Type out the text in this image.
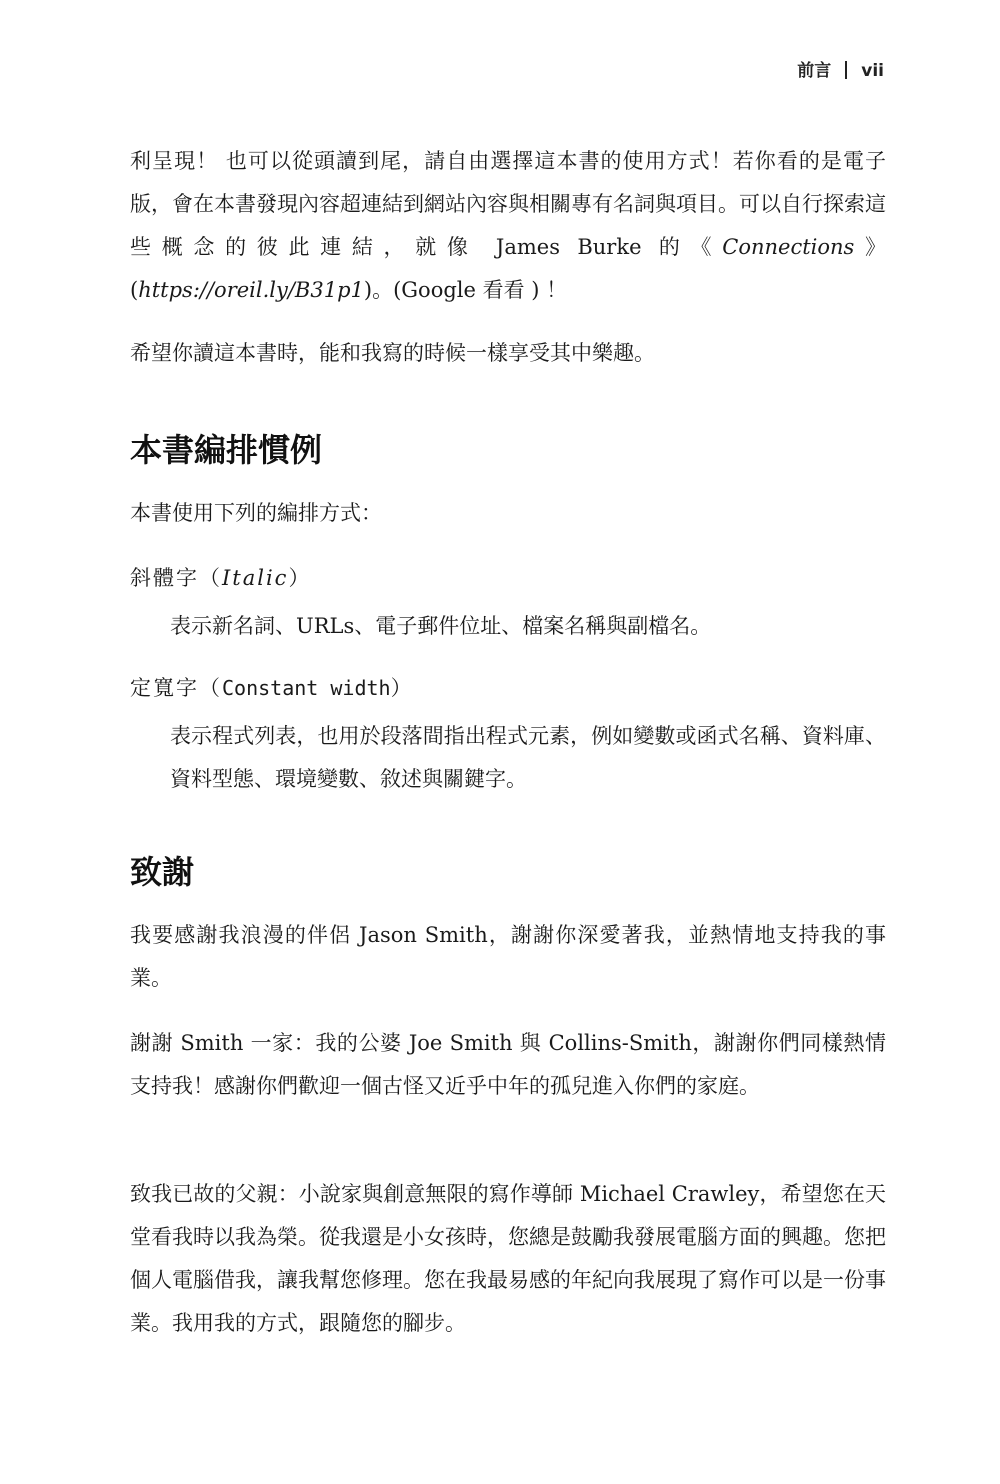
前言 vii

利呈現！ 也可以從頭讀到尾，請自由選擇這本書的使用方式！若你看的是電子版，會在本書發現內容超連結到網站內容與相關專有名詞與項目。可以自行探索這些概念的彼此連結，就像 James Burke 的《Connections》(https://oreil.ly/B31p1)。(Google 看看 ) ！

希望你讀這本書時，能和我寫的時候一樣享受其中樂趣。

本書編排慣例

本書使用下列的編排方式：

斜體字（Italic）

表示新名詞、URLs、電子郵件位址、檔案名稱與副檔名。

定寬字（Constant width）

表示程式列表，也用於段落間指出程式元素，例如變數或函式名稱、資料庫、資料型態、環境變數、敘述與關鍵字。

致謝

我要感謝我浪漫的伴侶 Jason Smith，謝謝你深愛著我，並熱情地支持我的事業。

謝謝 Smith 一家：我的公婆 Joe Smith 與 Collins-Smith，謝謝你們同樣熱情支持我！感謝你們歡迎一個古怪又近乎中年的孤兒進入你們的家庭。

致我已故的父親：小說家與創意無限的寫作導師 Michael Crawley，希望您在天堂看我時以我為榮。從我還是小女孩時，您總是鼓勵我發展電腦方面的興趣。您把個人電腦借我，讓我幫您修理。您在我最易感的年紀向我展現了寫作可以是一份事業。我用我的方式，跟隨您的腳步。
